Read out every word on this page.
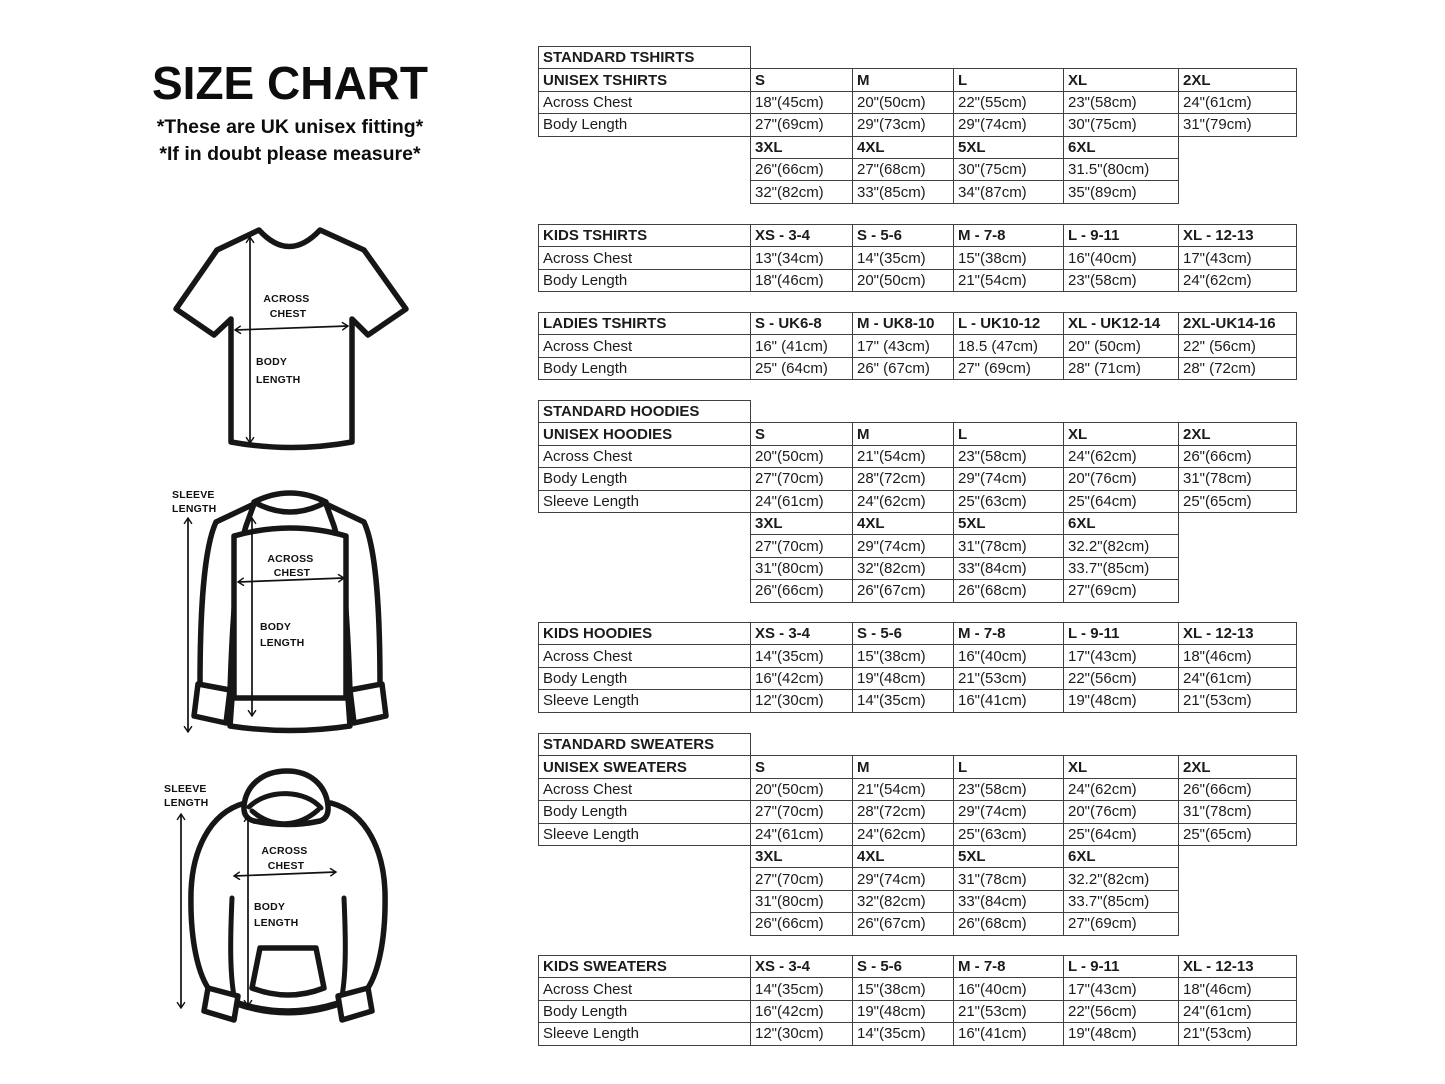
SIZE CHART

*These are UK unisex fitting*

*If in doubt please measure*

ACROSS CHEST
BODY LENGTH
SLEEVE LENGTH
ACROSS CHEST
BODY LENGTH
SLEEVE LENGTH
ACROSS CHEST
BODY LENGTH
STANDARD TSHIRTS					
UNISEX TSHIRTS	S	M	L	XL	2XL
Across Chest	18"(45cm)	20"(50cm)	22"(55cm)	23"(58cm)	24"(61cm)
Body Length	27"(69cm)	29"(73cm)	29"(74cm)	30"(75cm)	31"(79cm)
	3XL	4XL	5XL	6XL	
	26"(66cm)	27"(68cm)	30"(75cm)	31.5"(80cm)	
	32"(82cm)	33"(85cm)	34"(87cm)	35"(89cm)	
KIDS TSHIRTS	XS - 3-4	S - 5-6	M - 7-8	L - 9-11	XL - 12-13
Across Chest	13"(34cm)	14"(35cm)	15"(38cm)	16"(40cm)	17"(43cm)
Body Length	18"(46cm)	20"(50cm)	21"(54cm)	23"(58cm)	24"(62cm)
LADIES TSHIRTS	S - UK6-8	M - UK8-10	L - UK10-12	XL - UK12-14	2XL-UK14-16
Across Chest	16" (41cm)	17" (43cm)	18.5 (47cm)	20" (50cm)	22" (56cm)
Body Length	25" (64cm)	26" (67cm)	27" (69cm)	28" (71cm)	28" (72cm)
STANDARD HOODIES					
UNISEX HOODIES	S	M	L	XL	2XL
Across Chest	20"(50cm)	21"(54cm)	23"(58cm)	24"(62cm)	26"(66cm)
Body Length	27"(70cm)	28"(72cm)	29"(74cm)	20"(76cm)	31"(78cm)
Sleeve Length	24"(61cm)	24"(62cm)	25"(63cm)	25"(64cm)	25"(65cm)
	3XL	4XL	5XL	6XL	
	27"(70cm)	29"(74cm)	31"(78cm)	32.2"(82cm)	
	31"(80cm)	32"(82cm)	33"(84cm)	33.7"(85cm)	
	26"(66cm)	26"(67cm)	26"(68cm)	27"(69cm)	
KIDS HOODIES	XS - 3-4	S - 5-6	M - 7-8	L - 9-11	XL - 12-13
Across Chest	14"(35cm)	15"(38cm)	16"(40cm)	17"(43cm)	18"(46cm)
Body Length	16"(42cm)	19"(48cm)	21"(53cm)	22"(56cm)	24"(61cm)
Sleeve Length	12"(30cm)	14"(35cm)	16"(41cm)	19"(48cm)	21"(53cm)
STANDARD SWEATERS					
UNISEX SWEATERS	S	M	L	XL	2XL
Across Chest	20"(50cm)	21"(54cm)	23"(58cm)	24"(62cm)	26"(66cm)
Body Length	27"(70cm)	28"(72cm)	29"(74cm)	20"(76cm)	31"(78cm)
Sleeve Length	24"(61cm)	24"(62cm)	25"(63cm)	25"(64cm)	25"(65cm)
	3XL	4XL	5XL	6XL	
	27"(70cm)	29"(74cm)	31"(78cm)	32.2"(82cm)	
	31"(80cm)	32"(82cm)	33"(84cm)	33.7"(85cm)	
	26"(66cm)	26"(67cm)	26"(68cm)	27"(69cm)	
KIDS SWEATERS	XS - 3-4	S - 5-6	M - 7-8	L - 9-11	XL - 12-13
Across Chest	14"(35cm)	15"(38cm)	16"(40cm)	17"(43cm)	18"(46cm)
Body Length	16"(42cm)	19"(48cm)	21"(53cm)	22"(56cm)	24"(61cm)
Sleeve Length	12"(30cm)	14"(35cm)	16"(41cm)	19"(48cm)	21"(53cm)
